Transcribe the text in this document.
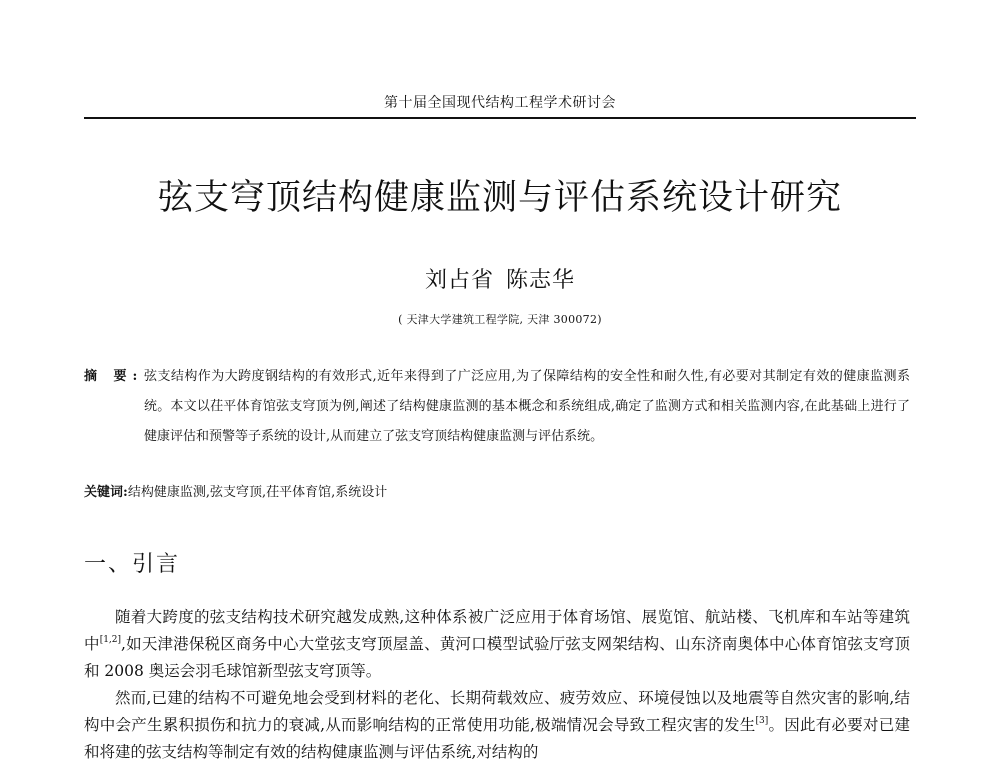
第十届全国现代结构工程学术研讨会
弦支穹顶结构健康监测与评估系统设计研究
刘占省 陈志华
( 天津大学建筑工程学院, 天津 300072)
摘 要: 弦支结构作为大跨度钢结构的有效形式,近年来得到了广泛应用,为了保障结构的安全性和耐久性,有必要对其制定有效的健康监测系统。本文以茌平体育馆弦支穹顶为例,阐述了结构健康监测的基本概念和系统组成,确定了监测方式和相关监测内容,在此基础上进行了健康评估和预警等子系统的设计,从而建立了弦支穹顶结构健康监测与评估系统。
关键词:结构健康监测,弦支穹顶,茌平体育馆,系统设计
一、引言
随着大跨度的弦支结构技术研究越发成熟,这种体系被广泛应用于体育场馆、展览馆、航站楼、飞机库和车站等建筑中[1,2],如天津港保税区商务中心大堂弦支穹顶屋盖、黄河口模型试验厅弦支网架结构、山东济南奥体中心体育馆弦支穹顶和 2008 奥运会羽毛球馆新型弦支穹顶等。
然而,已建的结构不可避免地会受到材料的老化、长期荷载效应、疲劳效应、环境侵蚀以及地震等自然灾害的影响,结构中会产生累积损伤和抗力的衰减,从而影响结构的正常使用功能,极端情况会导致工程灾害的发生[3]。因此有必要对已建和将建的弦支结构等制定有效的结构健康监测与评估系统,对结构的
